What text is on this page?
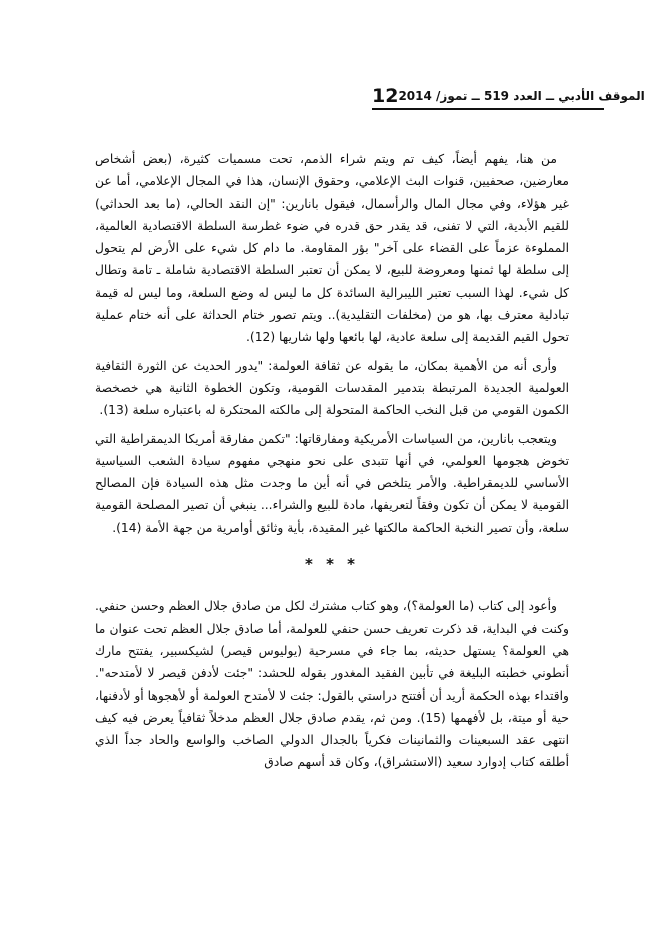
12 الموقف الأدبي ــ العدد 519 ــ تموز/ 2014

من هنا، يفهم أيضاً، كيف تم ويتم شراء الذمم، تحت مسميات كثيرة، (بعض أشخاص معارضين، صحفيين، قنوات البث الإعلامي، وحقوق الإنسان، هذا في المجال الإعلامي، أما عن غير هؤلاء، وفي مجال المال والرأسمال، فيقول بانارين: "إن النقد الحالي، (ما بعد الحداثي) للقيم الأبدية، التي لا تفنى، قد يقدر حق قدره في ضوء غطرسة السلطة الاقتصادية العالمية، المملوءة عزماً على القضاء على آخر" بؤر المقاومة. ما دام كل شيء على الأرض لم يتحول إلى سلطة لها ثمنها ومعروضة للبيع، لا يمكن أن تعتبر السلطة الاقتصادية شاملة ـ تامة وتطال كل شيء. لهذا السبب تعتبر الليبرالية السائدة كل ما ليس له وضع السلعة، وما ليس له قيمة تبادلية معترف بها، هو من (مخلفات التقليدية).. ويتم تصور ختام الحداثة على أنه ختام عملية تحول القيم القديمة إلى سلعة عادية، لها بائعها ولها شاريها (12).

وأرى أنه من الأهمية بمكان، ما يقوله عن ثقافة العولمة: "يدور الحديث عن الثورة الثقافية العولمية الجديدة المرتبطة بتدمير المقدسات القومية، وتكون الخطوة الثانية هي خصخصة الكمون القومي من قبل النخب الحاكمة المتحولة إلى مالكته المحتكرة له باعتباره سلعة (13).

ويتعجب بانارين، من السياسات الأمريكية ومفارقاتها: "تكمن مفارقة أمريكا الديمقراطية التي تخوض هجومها العولمي، في أنها تتبدى على نحو منهجي مفهوم سيادة الشعب السياسية الأساسي للديمقراطية. والأمر يتلخص في أنه أين ما وجدت مثل هذه السيادة فإن المصالح القومية لا يمكن أن تكون وفقاً لتعريفها، مادة للبيع والشراء... ينبغي أن تصير المصلحة القومية سلعة، وأن تصير النخبة الحاكمة مالكتها غير المقيدة، بأية وثائق أوامرية من جهة الأمة (14).

* * *

وأعود إلى كتاب (ما العولمة؟)، وهو كتاب مشترك لكل من صادق جلال العظم وحسن حنفي. وكنت في البداية، قد ذكرت تعريف حسن حنفي للعولمة، أما صادق جلال العظم تحت عنوان ما هي العولمة؟ يستهل حديثه، بما جاء في مسرحية (يوليوس قيصر) لشيكسبير، يفتتح مارك أنطوني خطبته البليغة في تأبين الفقيد المغدور بقوله للحشد: "جئت لأدفن قيصر لا لأمتدحه". واقتداء بهذه الحكمة أريد أن أفتتح دراستي بالقول: جئت لا لأمتدح العولمة أو لأهجوها أو لأدفنها، حية أو ميتة، بل لأفهمها (15). ومن ثم، يقدم صادق جلال العظم مدخلاً ثقافياً يعرض فيه كيف انتهى عقد السبعينات والثمانينات فكرياً بالجدال الدولي الصاخب والواسع والحاد جداً الذي أطلقه كتاب إدوارد سعيد (الاستشراق)، وكان قد أسهم صادق
